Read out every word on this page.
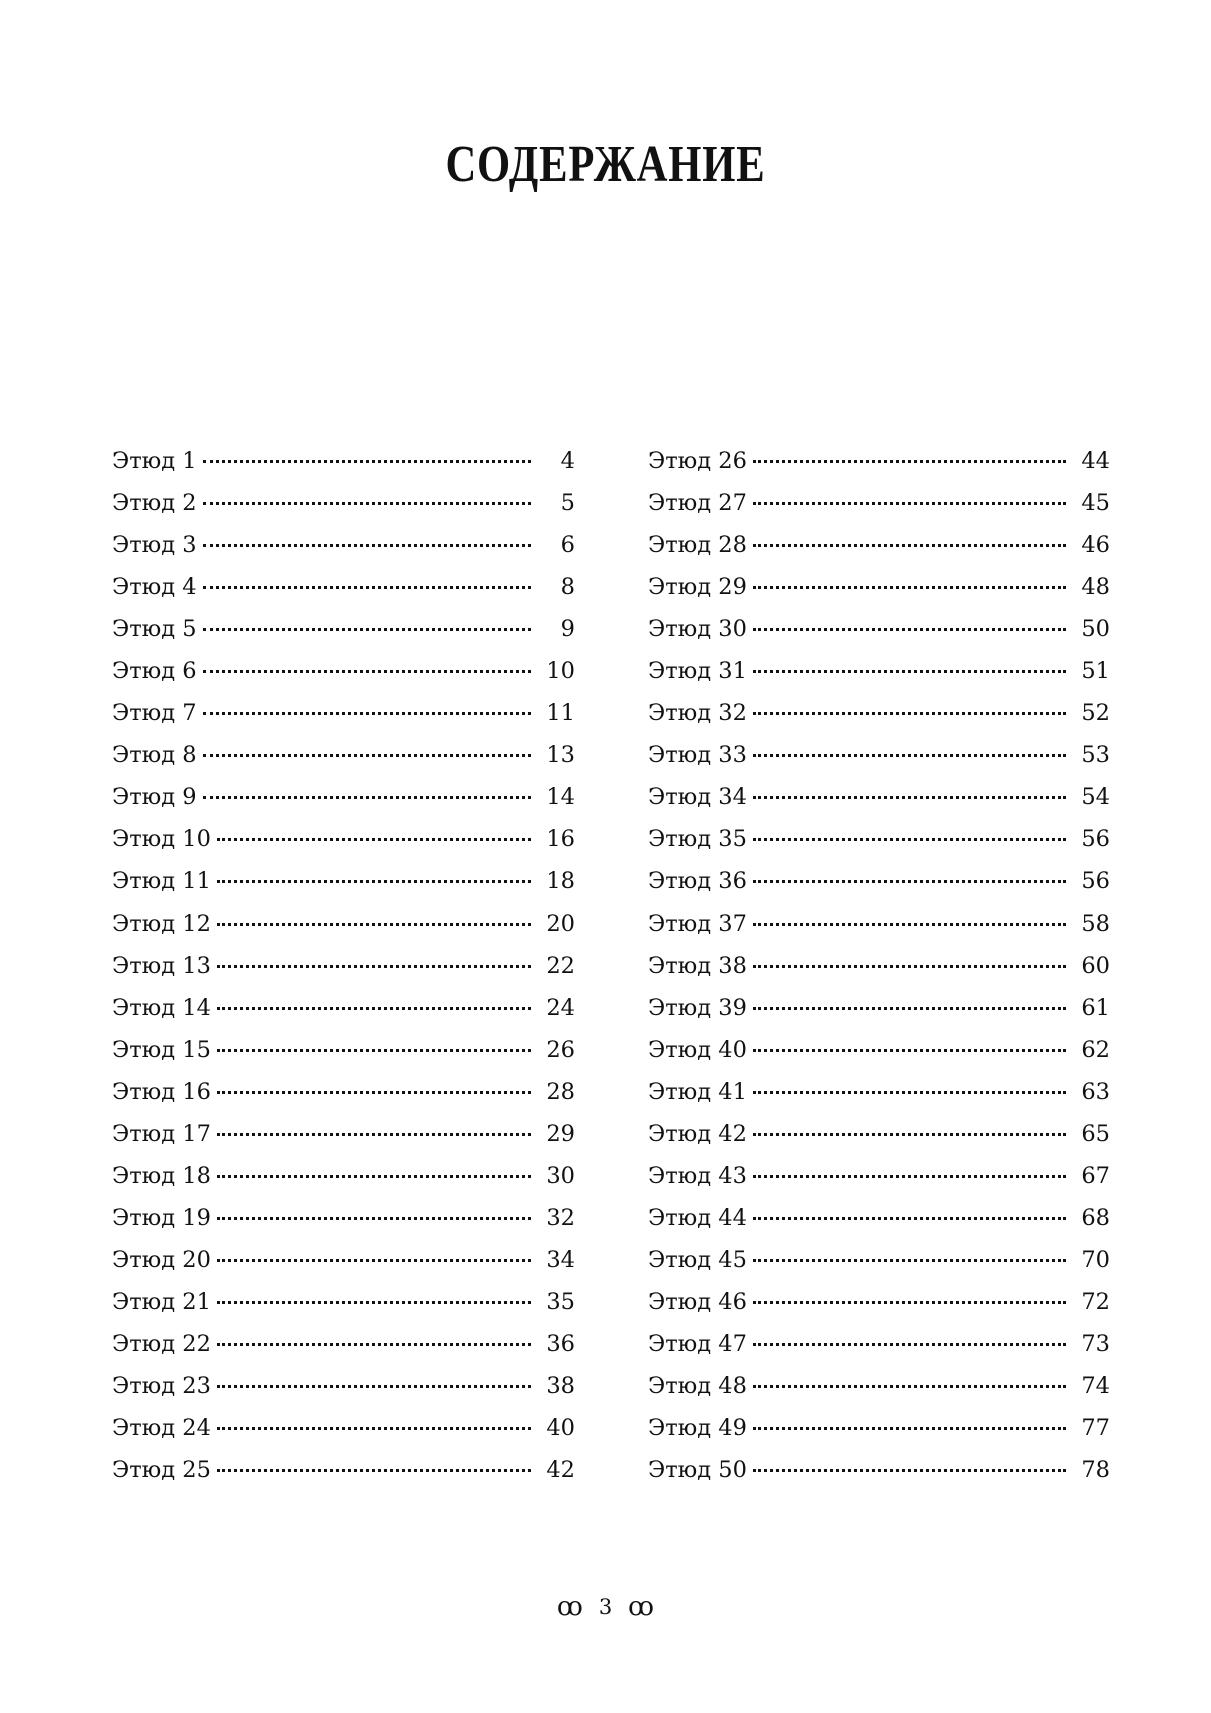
СОДЕРЖАНИЕ
Этюд 1	4
Этюд 2	5
Этюд 3	6
Этюд 4	8
Этюд 5	9
Этюд 6	10
Этюд 7	11
Этюд 8	13
Этюд 9	14
Этюд 10	16
Этюд 11	18
Этюд 12	20
Этюд 13	22
Этюд 14	24
Этюд 15	26
Этюд 16	28
Этюд 17	29
Этюд 18	30
Этюд 19	32
Этюд 20	34
Этюд 21	35
Этюд 22	36
Этюд 23	38
Этюд 24	40
Этюд 25	42
Этюд 26	44
Этюд 27	45
Этюд 28	46
Этюд 29	48
Этюд 30	50
Этюд 31	51
Этюд 32	52
Этюд 33	53
Этюд 34	54
Этюд 35	56
Этюд 36	56
Этюд 37	58
Этюд 38	60
Этюд 39	61
Этюд 40	62
Этюд 41	63
Этюд 42	65
Этюд 43	67
Этюд 44	68
Этюд 45	70
Этюд 46	72
Этюд 47	73
Этюд 48	74
Этюд 49	77
Этюд 50	78
ꝏ 3 ꝏ
